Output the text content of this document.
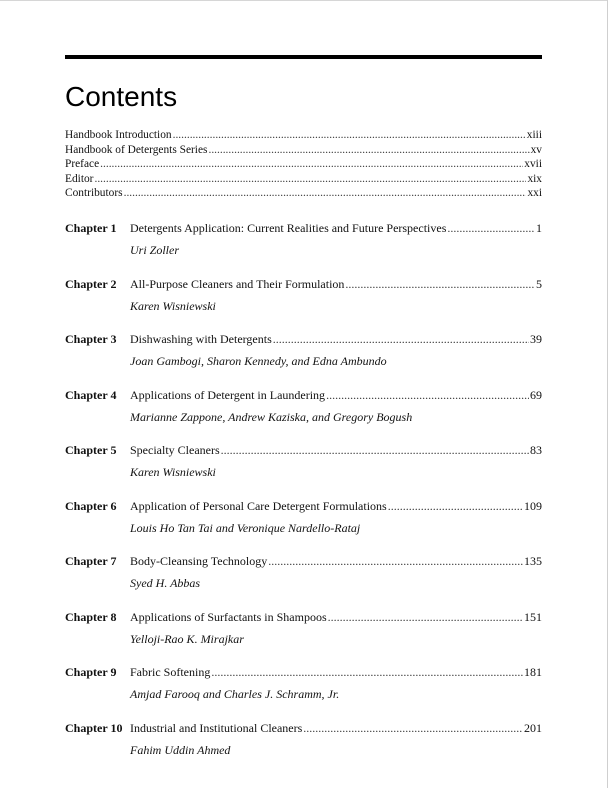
Contents
Handbook Introduction .....	xiii
Handbook of Detergents Series .....	xv
Preface .....	xvii
Editor .....	xix
Contributors .....	xxi
Chapter 1 Detergents Application: Current Realities and Future Perspectives .....	1
Uri Zoller
Chapter 2 All-Purpose Cleaners and Their Formulation .....	5
Karen Wisniewski
Chapter 3 Dishwashing with Detergents .....	39
Joan Gambogi, Sharon Kennedy, and Edna Ambundo
Chapter 4 Applications of Detergent in Laundering .....	69
Marianne Zappone, Andrew Kaziska, and Gregory Bogush
Chapter 5 Specialty Cleaners .....	83
Karen Wisniewski
Chapter 6 Application of Personal Care Detergent Formulations .....	109
Louis Ho Tan Tai and Veronique Nardello-Rataj
Chapter 7 Body-Cleansing Technology .....	135
Syed H. Abbas
Chapter 8 Applications of Surfactants in Shampoos .....	151
Yelloji-Rao K. Mirajkar
Chapter 9 Fabric Softening .....	181
Amjad Farooq and Charles J. Schramm, Jr.
Chapter 10 Industrial and Institutional Cleaners .....	201
Fahim Uddin Ahmed
